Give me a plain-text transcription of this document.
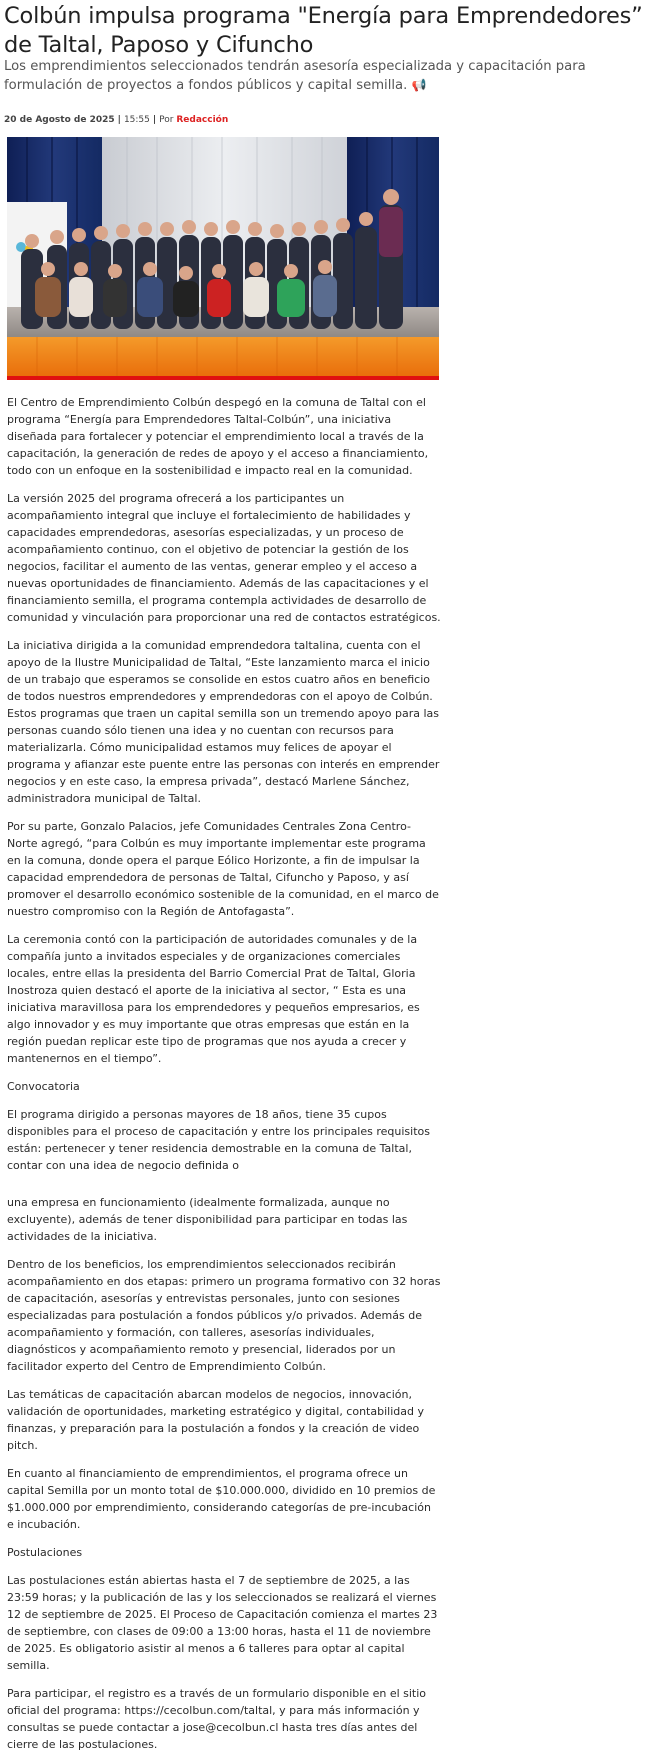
Colbún impulsa programa "Energía para Emprendedores” de Taltal, Paposo y Cifuncho

Los emprendimientos seleccionados tendrán asesoría especializada y capacitación para formulación de proyectos a fondos públicos y capital semilla. 📢

20 de Agosto de 2025 | 15:55 | Por Redacción

El Centro de Emprendimiento Colbún despegó en la comuna de Taltal con el programa “Energía para Emprendedores Taltal-Colbún”, una iniciativa diseñada para fortalecer y potenciar el emprendimiento local a través de la capacitación, la generación de redes de apoyo y el acceso a financiamiento, todo con un enfoque en la sostenibilidad e impacto real en la comunidad.

La versión 2025 del programa ofrecerá a los participantes un acompañamiento integral que incluye el fortalecimiento de habilidades y capacidades emprendedoras, asesorías especializadas, y un proceso de acompañamiento continuo, con el objetivo de potenciar la gestión de los negocios, facilitar el aumento de las ventas, generar empleo y el acceso a nuevas oportunidades de financiamiento. Además de las capacitaciones y el financiamiento semilla, el programa contempla actividades de desarrollo de comunidad y vinculación para proporcionar una red de contactos estratégicos.

La iniciativa dirigida a la comunidad emprendedora taltalina, cuenta con el apoyo de la Ilustre Municipalidad de Taltal, “Este lanzamiento marca el inicio de un trabajo que esperamos se consolide en estos cuatro años en beneficio de todos nuestros emprendedores y emprendedoras con el apoyo de Colbún. Estos programas que traen un capital semilla son un tremendo apoyo para las personas cuando sólo tienen una idea y no cuentan con recursos para materializarla. Cómo municipalidad estamos muy felices de apoyar el programa y afianzar este puente entre las personas con interés en emprender negocios y en este caso, la empresa privada”, destacó Marlene Sánchez, administradora municipal de Taltal.

Por su parte, Gonzalo Palacios, jefe Comunidades Centrales Zona Centro-Norte agregó, “para Colbún es muy importante implementar este programa en la comuna, donde opera el parque Eólico Horizonte, a fin de impulsar la capacidad emprendedora de personas de Taltal, Cifuncho y Paposo, y así promover el desarrollo económico sostenible de la comunidad, en el marco de nuestro compromiso con la Región de Antofagasta”.

La ceremonia contó con la participación de autoridades comunales y de la compañía junto a invitados especiales y de organizaciones comerciales locales, entre ellas la presidenta del Barrio Comercial Prat de Taltal, Gloria Inostroza quien destacó el aporte de la iniciativa al sector, “ Esta es una iniciativa maravillosa para los emprendedores y pequeños empresarios, es algo innovador y es muy importante que otras empresas que están en la región puedan replicar este tipo de programas que nos ayuda a crecer y mantenernos en el tiempo”.

Convocatoria

El programa dirigido a personas mayores de 18 años, tiene 35 cupos disponibles para el proceso de capacitación y entre los principales requisitos están: pertenecer y tener residencia demostrable en la comuna de Taltal, contar con una idea de negocio definida o

una empresa en funcionamiento (idealmente formalizada, aunque no excluyente), además de tener disponibilidad para participar en todas las actividades de la iniciativa.

Dentro de los beneficios, los emprendimientos seleccionados recibirán acompañamiento en dos etapas: primero un programa formativo con 32 horas de capacitación, asesorías y entrevistas personales, junto con sesiones especializadas para postulación a fondos públicos y/o privados. Además de acompañamiento y formación, con talleres, asesorías individuales, diagnósticos y acompañamiento remoto y presencial, liderados por un facilitador experto del Centro de Emprendimiento Colbún.

Las temáticas de capacitación abarcan modelos de negocios, innovación, validación de oportunidades, marketing estratégico y digital, contabilidad y finanzas, y preparación para la postulación a fondos y la creación de video pitch.

En cuanto al financiamiento de emprendimientos, el programa ofrece un capital Semilla por un monto total de $10.000.000, dividido en 10 premios de $1.000.000 por emprendimiento, considerando categorías de pre-incubación e incubación.

Postulaciones

Las postulaciones están abiertas hasta el 7 de septiembre de 2025, a las 23:59 horas; y la publicación de las y los seleccionados se realizará el viernes 12 de septiembre de 2025. El Proceso de Capacitación comienza el martes 23 de septiembre, con clases de 09:00 a 13:00 horas, hasta el 11 de noviembre de 2025. Es obligatorio asistir al menos a 6 talleres para optar al capital semilla.

Para participar, el registro es a través de un formulario disponible en el sitio oficial del programa: https://cecolbun.com/taltal, y para más información y consultas se puede contactar a jose@cecolbun.cl hasta tres días antes del cierre de las postulaciones.
